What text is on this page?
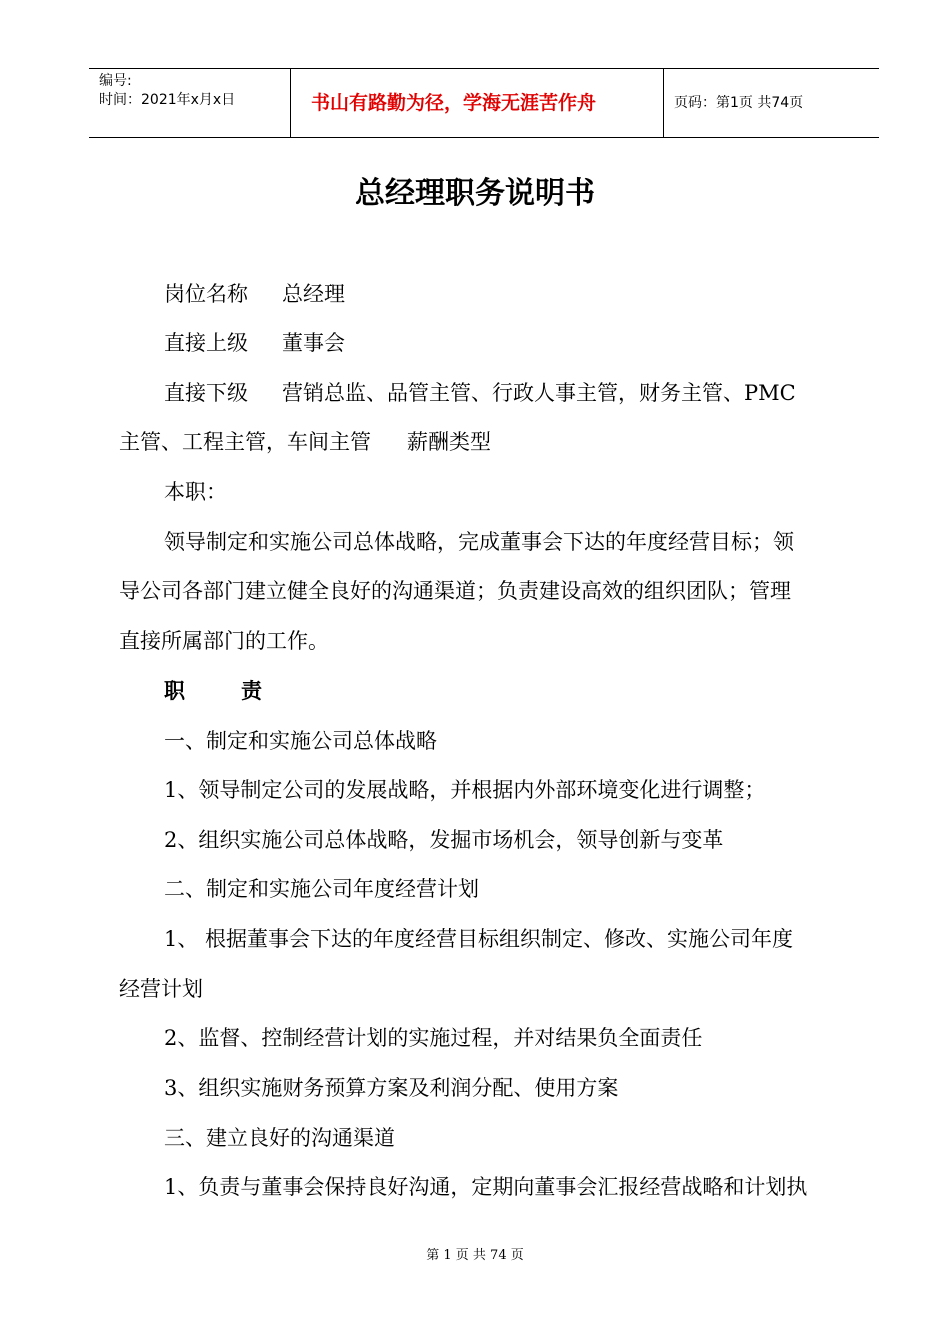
编号:
时间：2021年x月x日	书山有路勤为径，学海无涯苦作舟	页码：第1页 共74页
总经理职务说明书
岗位名称 总经理
直接上级 董事会
直接下级 营销总监、品管主管、行政人事主管，财务主管、PMC
主管、工程主管，车间主管 薪酬类型
本职：
领导制定和实施公司总体战略，完成董事会下达的年度经营目标；领
导公司各部门建立健全良好的沟通渠道；负责建设高效的组织团队；管理
直接所属部门的工作。
职	责
一、制定和实施公司总体战略
1、领导制定公司的发展战略，并根据内外部环境变化进行调整；
2、组织实施公司总体战略，发掘市场机会，领导创新与变革
二、制定和实施公司年度经营计划
1、 根据董事会下达的年度经营目标组织制定、修改、实施公司年度
经营计划
2、监督、控制经营计划的实施过程，并对结果负全面责任
3、组织实施财务预算方案及利润分配、使用方案
三、建立良好的沟通渠道
1、负责与董事会保持良好沟通，定期向董事会汇报经营战略和计划执
第 1 页 共 74 页
